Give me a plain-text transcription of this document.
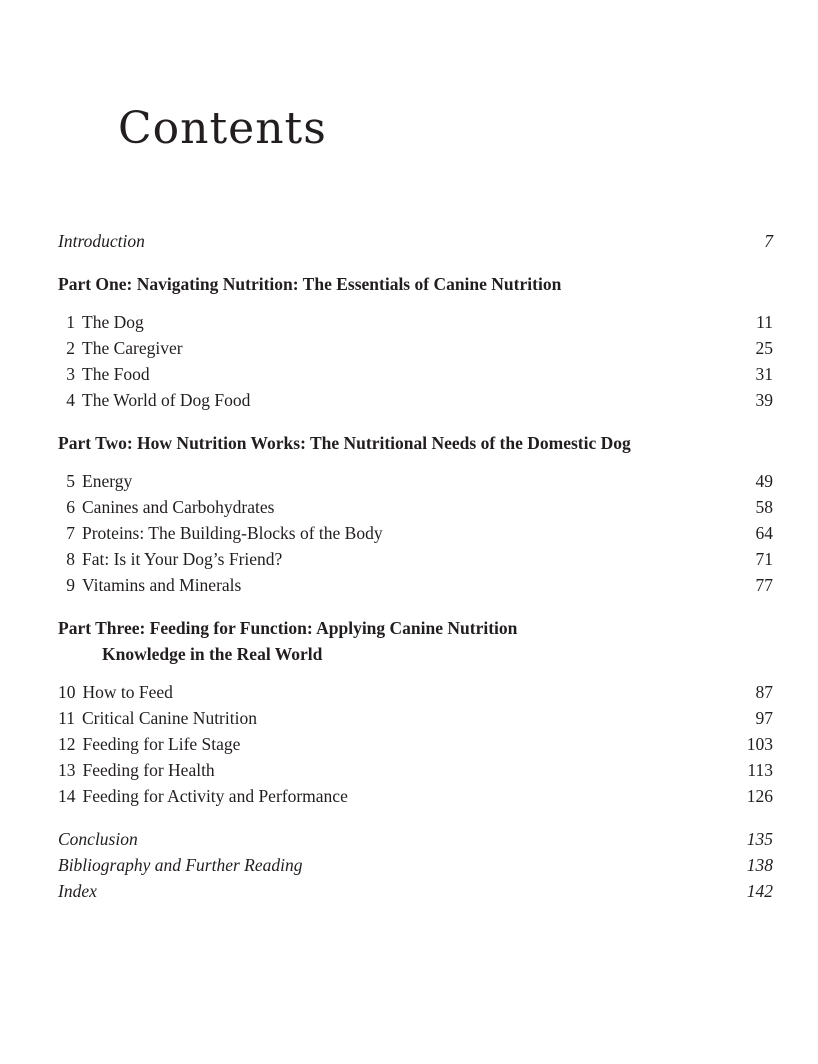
Contents
Introduction	7
Part One: Navigating Nutrition: The Essentials of Canine Nutrition
1 The Dog	11
2 The Caregiver	25
3 The Food	31
4 The World of Dog Food	39
Part Two: How Nutrition Works: The Nutritional Needs of the Domestic Dog
5 Energy	49
6 Canines and Carbohydrates	58
7 Proteins: The Building-Blocks of the Body	64
8 Fat: Is it Your Dog’s Friend?	71
9 Vitamins and Minerals	77
Part Three: Feeding for Function: Applying Canine Nutrition
Knowledge in the Real World
10 How to Feed	87
11 Critical Canine Nutrition	97
12 Feeding for Life Stage	103
13 Feeding for Health	113
14 Feeding for Activity and Performance	126
Conclusion	135
Bibliography and Further Reading	138
Index	142
